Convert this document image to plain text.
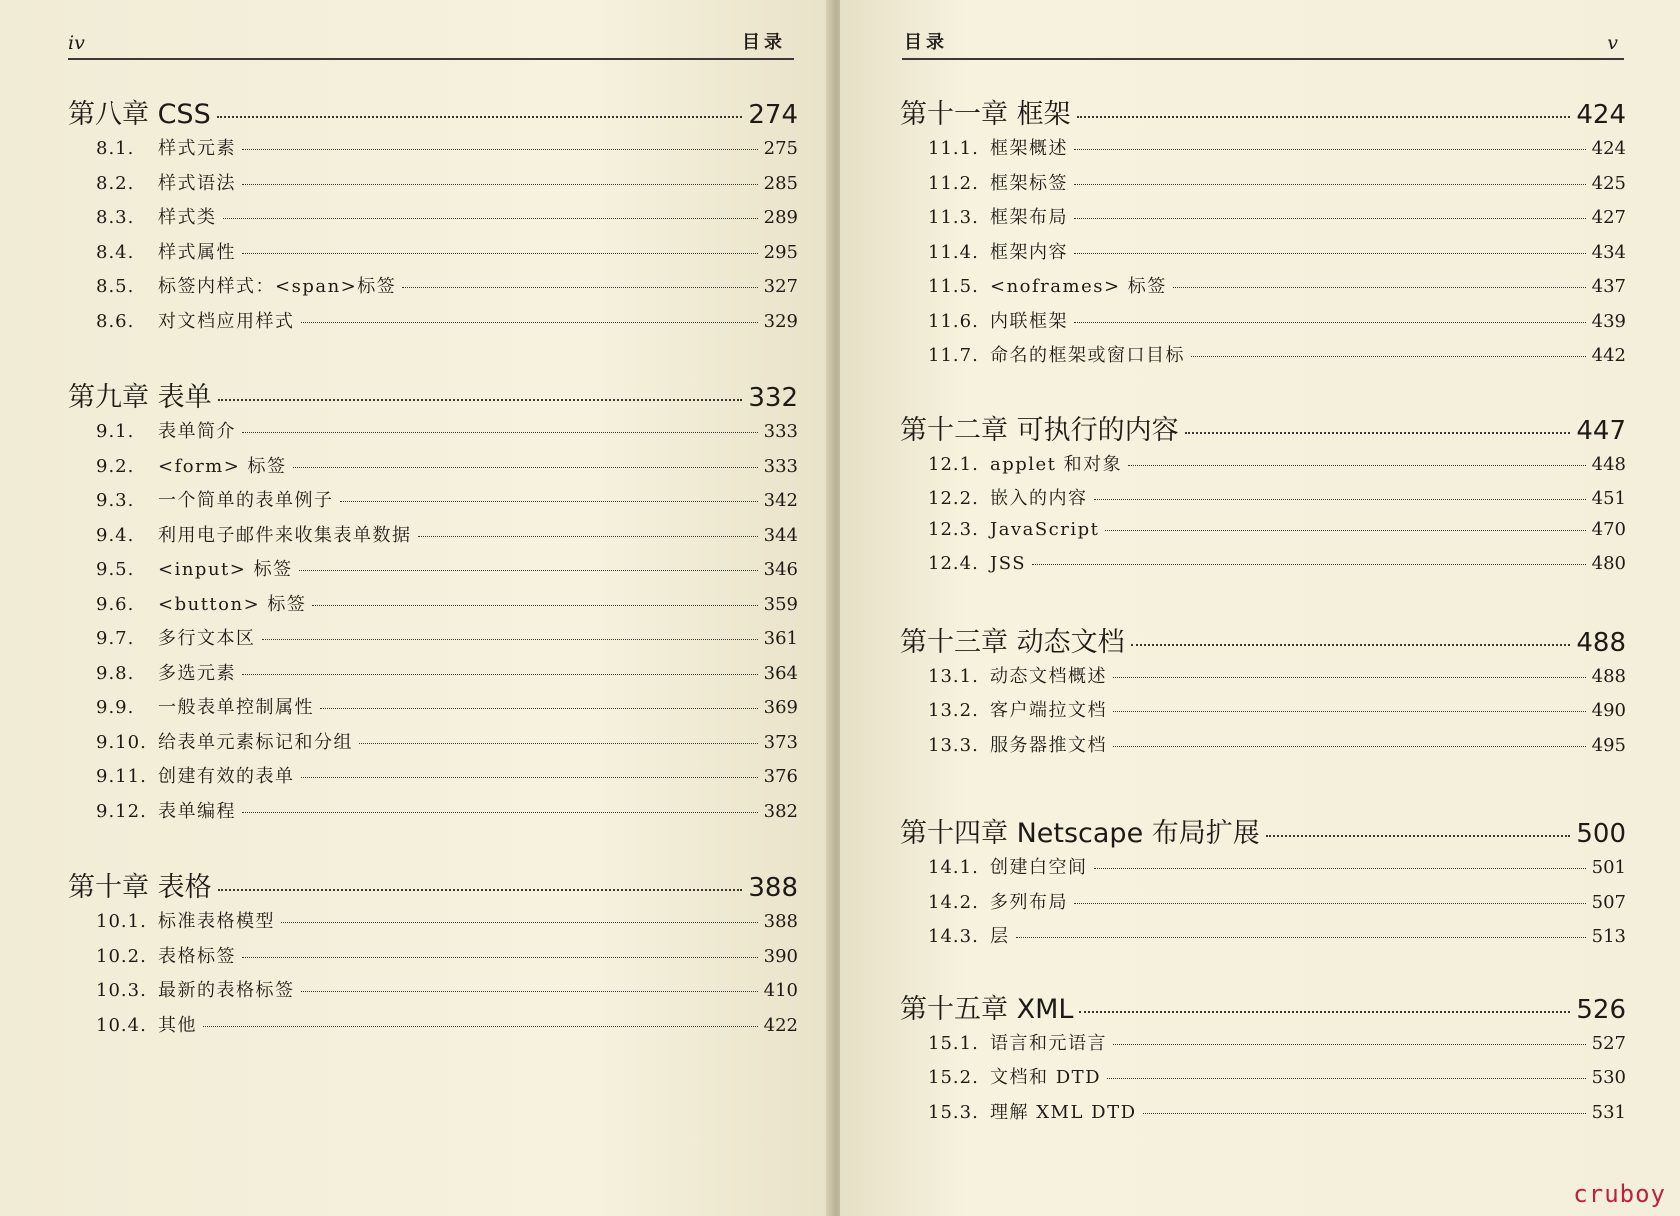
iv	目录
第八章 CSS	274
8.1.	样式元素	275
8.2.	样式语法	285
8.3.	样式类	289
8.4.	样式属性	295
8.5.	标签内样式：<span>标签	327
8.6.	对文档应用样式	329
第九章 表单	332
9.1.	表单简介	333
9.2.	<form> 标签	333
9.3.	一个简单的表单例子	342
9.4.	利用电子邮件来收集表单数据	344
9.5.	<input> 标签	346
9.6.	<button> 标签	359
9.7.	多行文本区	361
9.8.	多选元素	364
9.9.	一般表单控制属性	369
9.10. 给表单元素标记和分组	373
9.11. 创建有效的表单	376
9.12. 表单编程	382
第十章 表格	388
10.1. 标准表格模型	388
10.2. 表格标签	390
10.3. 最新的表格标签	410
10.4. 其他	422
目录	v
第十一章 框架	424
11.1. 框架概述	424
11.2. 框架标签	425
11.3. 框架布局	427
11.4. 框架内容	434
11.5. <noframes> 标签	437
11.6. 内联框架	439
11.7. 命名的框架或窗口目标	442
第十二章 可执行的内容	447
12.1. applet 和对象	448
12.2. 嵌入的内容	451
12.3. JavaScript	470
12.4. JSS	480
第十三章 动态文档	488
13.1. 动态文档概述	488
13.2. 客户端拉文档	490
13.3. 服务器推文档	495
第十四章 Netscape 布局扩展	500
14.1. 创建白空间	501
14.2. 多列布局	507
14.3. 层	513
第十五章 XML	526
15.1. 语言和元语言	527
15.2. 文档和 DTD	530
15.3. 理解 XML DTD	531
cruboy
